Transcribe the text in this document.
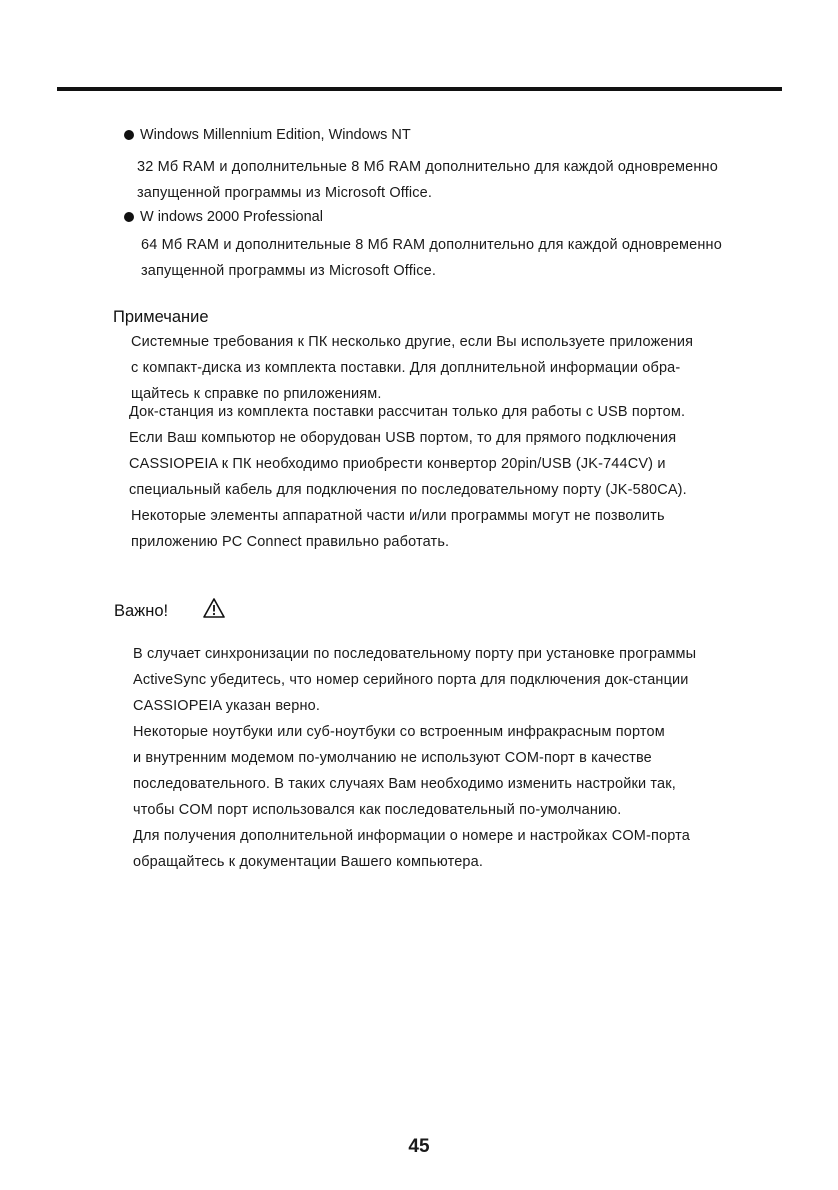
Windows Millennium Edition, Windows NT
32 Мб RAM и дополнительные 8 Мб RAM дополнительно для каждой одновременно
запущенной программы из Microsoft Office.
W indows 2000 Professional
64 Мб RAM и дополнительные 8 Мб RAM дополнительно для каждой одновременно
запущенной программы из Microsoft Office.
Примечание
Системные требования к ПК несколько другие, если Вы используете приложения
с компакт-диска из комплекта поставки. Для доплнительной информации обра-
щайтесь к справке по рпиложениям.
Док-станция из комплекта поставки рассчитан только для работы с USB портом.
Если Ваш компьютор не оборудован USB портом, то для прямого подключения
CASSIOPEIA к ПК необходимо приобрести конвертор 20pin/USB (JK-744CV) и
специальный кабель для подключения по последовательному порту (JK-580CA).
Некоторые элементы аппаратной части и/или программы могут не позволить
приложению PC Connect правильно работать.
Важно!
В случает синхронизации по последовательному порту при установке программы
ActiveSync убедитесь, что номер серийного порта для подключения док-станции
CASSIOPEIA указан верно.
Некоторые ноутбуки или суб-ноутбуки со встроенным инфракрасным портом
и внутренним модемом по-умолчанию не используют COM-порт в качестве
последовательного. В таких случаях Вам необходимо изменить настройки так,
чтобы COM порт использовался как последовательный по-умолчанию.
Для получения дополнительной информации о номере и настройках COM-порта
обращайтесь к документации Вашего компьютера.
45
